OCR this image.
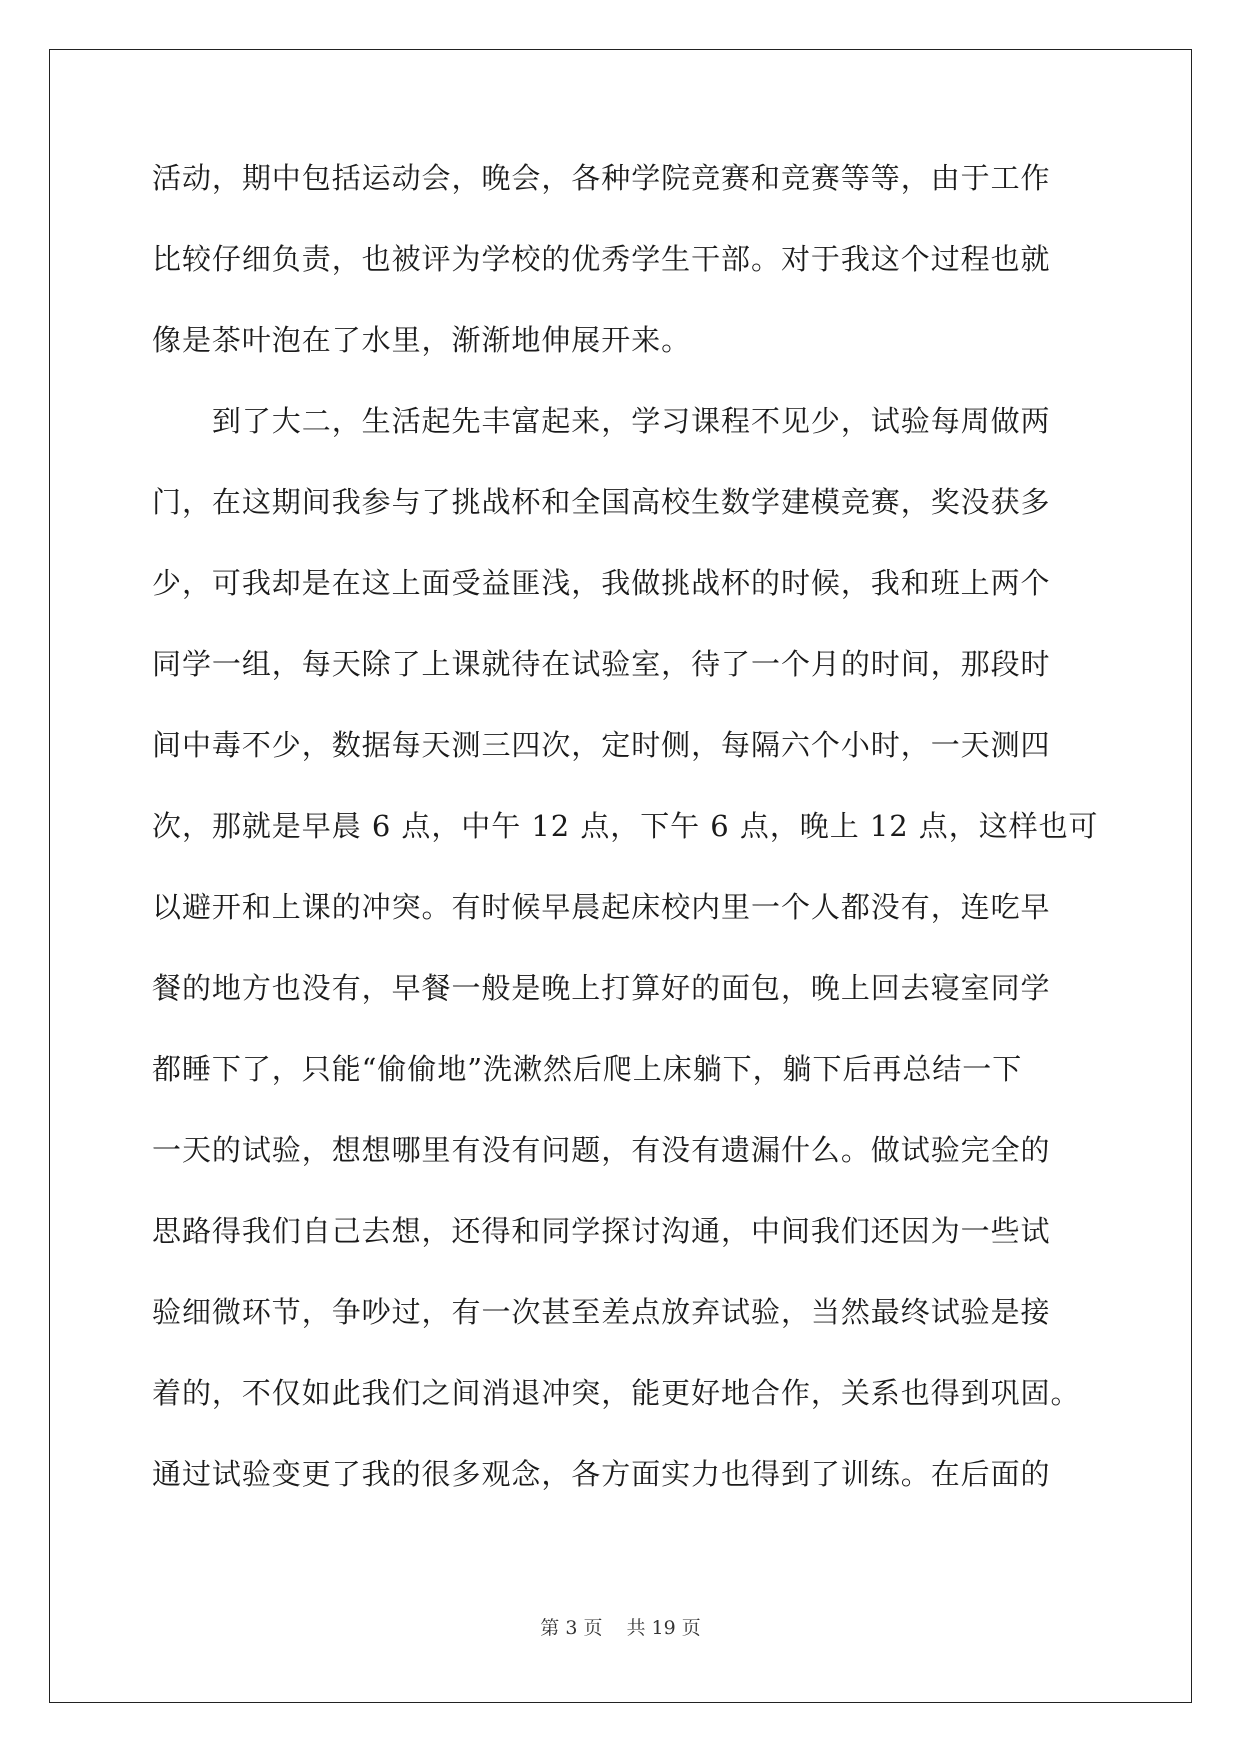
活动，期中包括运动会，晚会，各种学院竞赛和竞赛等等，由于工作
比较仔细负责，也被评为学校的优秀学生干部。对于我这个过程也就
像是茶叶泡在了水里，渐渐地伸展开来。
　　到了大二，生活起先丰富起来，学习课程不见少，试验每周做两
门，在这期间我参与了挑战杯和全国高校生数学建模竞赛，奖没获多
少，可我却是在这上面受益匪浅，我做挑战杯的时候，我和班上两个
同学一组，每天除了上课就待在试验室，待了一个月的时间，那段时
间中毒不少，数据每天测三四次，定时侧，每隔六个小时，一天测四
次，那就是早晨 6 点，中午 12 点，下午 6 点，晚上 12 点，这样也可
以避开和上课的冲突。有时候早晨起床校内里一个人都没有，连吃早
餐的地方也没有，早餐一般是晚上打算好的面包，晚上回去寝室同学
都睡下了，只能“偷偷地”洗漱然后爬上床躺下，躺下后再总结一下
一天的试验，想想哪里有没有问题，有没有遗漏什么。做试验完全的
思路得我们自己去想，还得和同学探讨沟通，中间我们还因为一些试
验细微环节，争吵过，有一次甚至差点放弃试验，当然最终试验是接
着的，不仅如此我们之间消退冲突，能更好地合作，关系也得到巩固。
通过试验变更了我的很多观念，各方面实力也得到了训练。在后面的
第 3 页 共 19 页
